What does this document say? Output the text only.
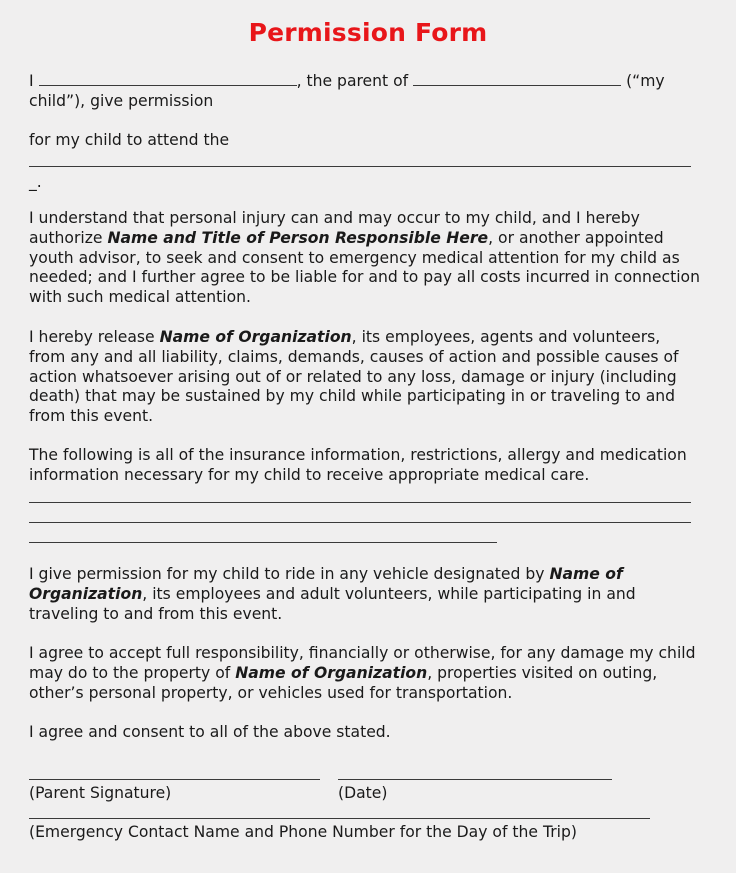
Permission Form
I	, the parent of	(“my
child”), give permission
for my child to attend the
_.
I understand that personal injury can and may occur to my child, and I hereby authorize Name and Title of Person Responsible Here, or another appointed youth advisor, to seek and consent to emergency medical attention for my child as needed; and I further agree to be liable for and to pay all costs incurred in connection with such medical attention.
I hereby release Name of Organization, its employees, agents and volunteers, from any and all liability, claims, demands, causes of action and possible causes of action whatsoever arising out of or related to any loss, damage or injury (including death) that may be sustained by my child while participating in or traveling to and from this event.
The following is all of the insurance information, restrictions, allergy and medication information necessary for my child to receive appropriate medical care.
I give permission for my child to ride in any vehicle designated by Name of Organization, its employees and adult volunteers, while participating in and traveling to and from this event.
I agree to accept full responsibility, financially or otherwise, for any damage my child may do to the property of Name of Organization, properties visited on outing, other’s personal property, or vehicles used for transportation.
I agree and consent to all of the above stated.
(Parent Signature)	(Date)
(Emergency Contact Name and Phone Number for the Day of the Trip)
